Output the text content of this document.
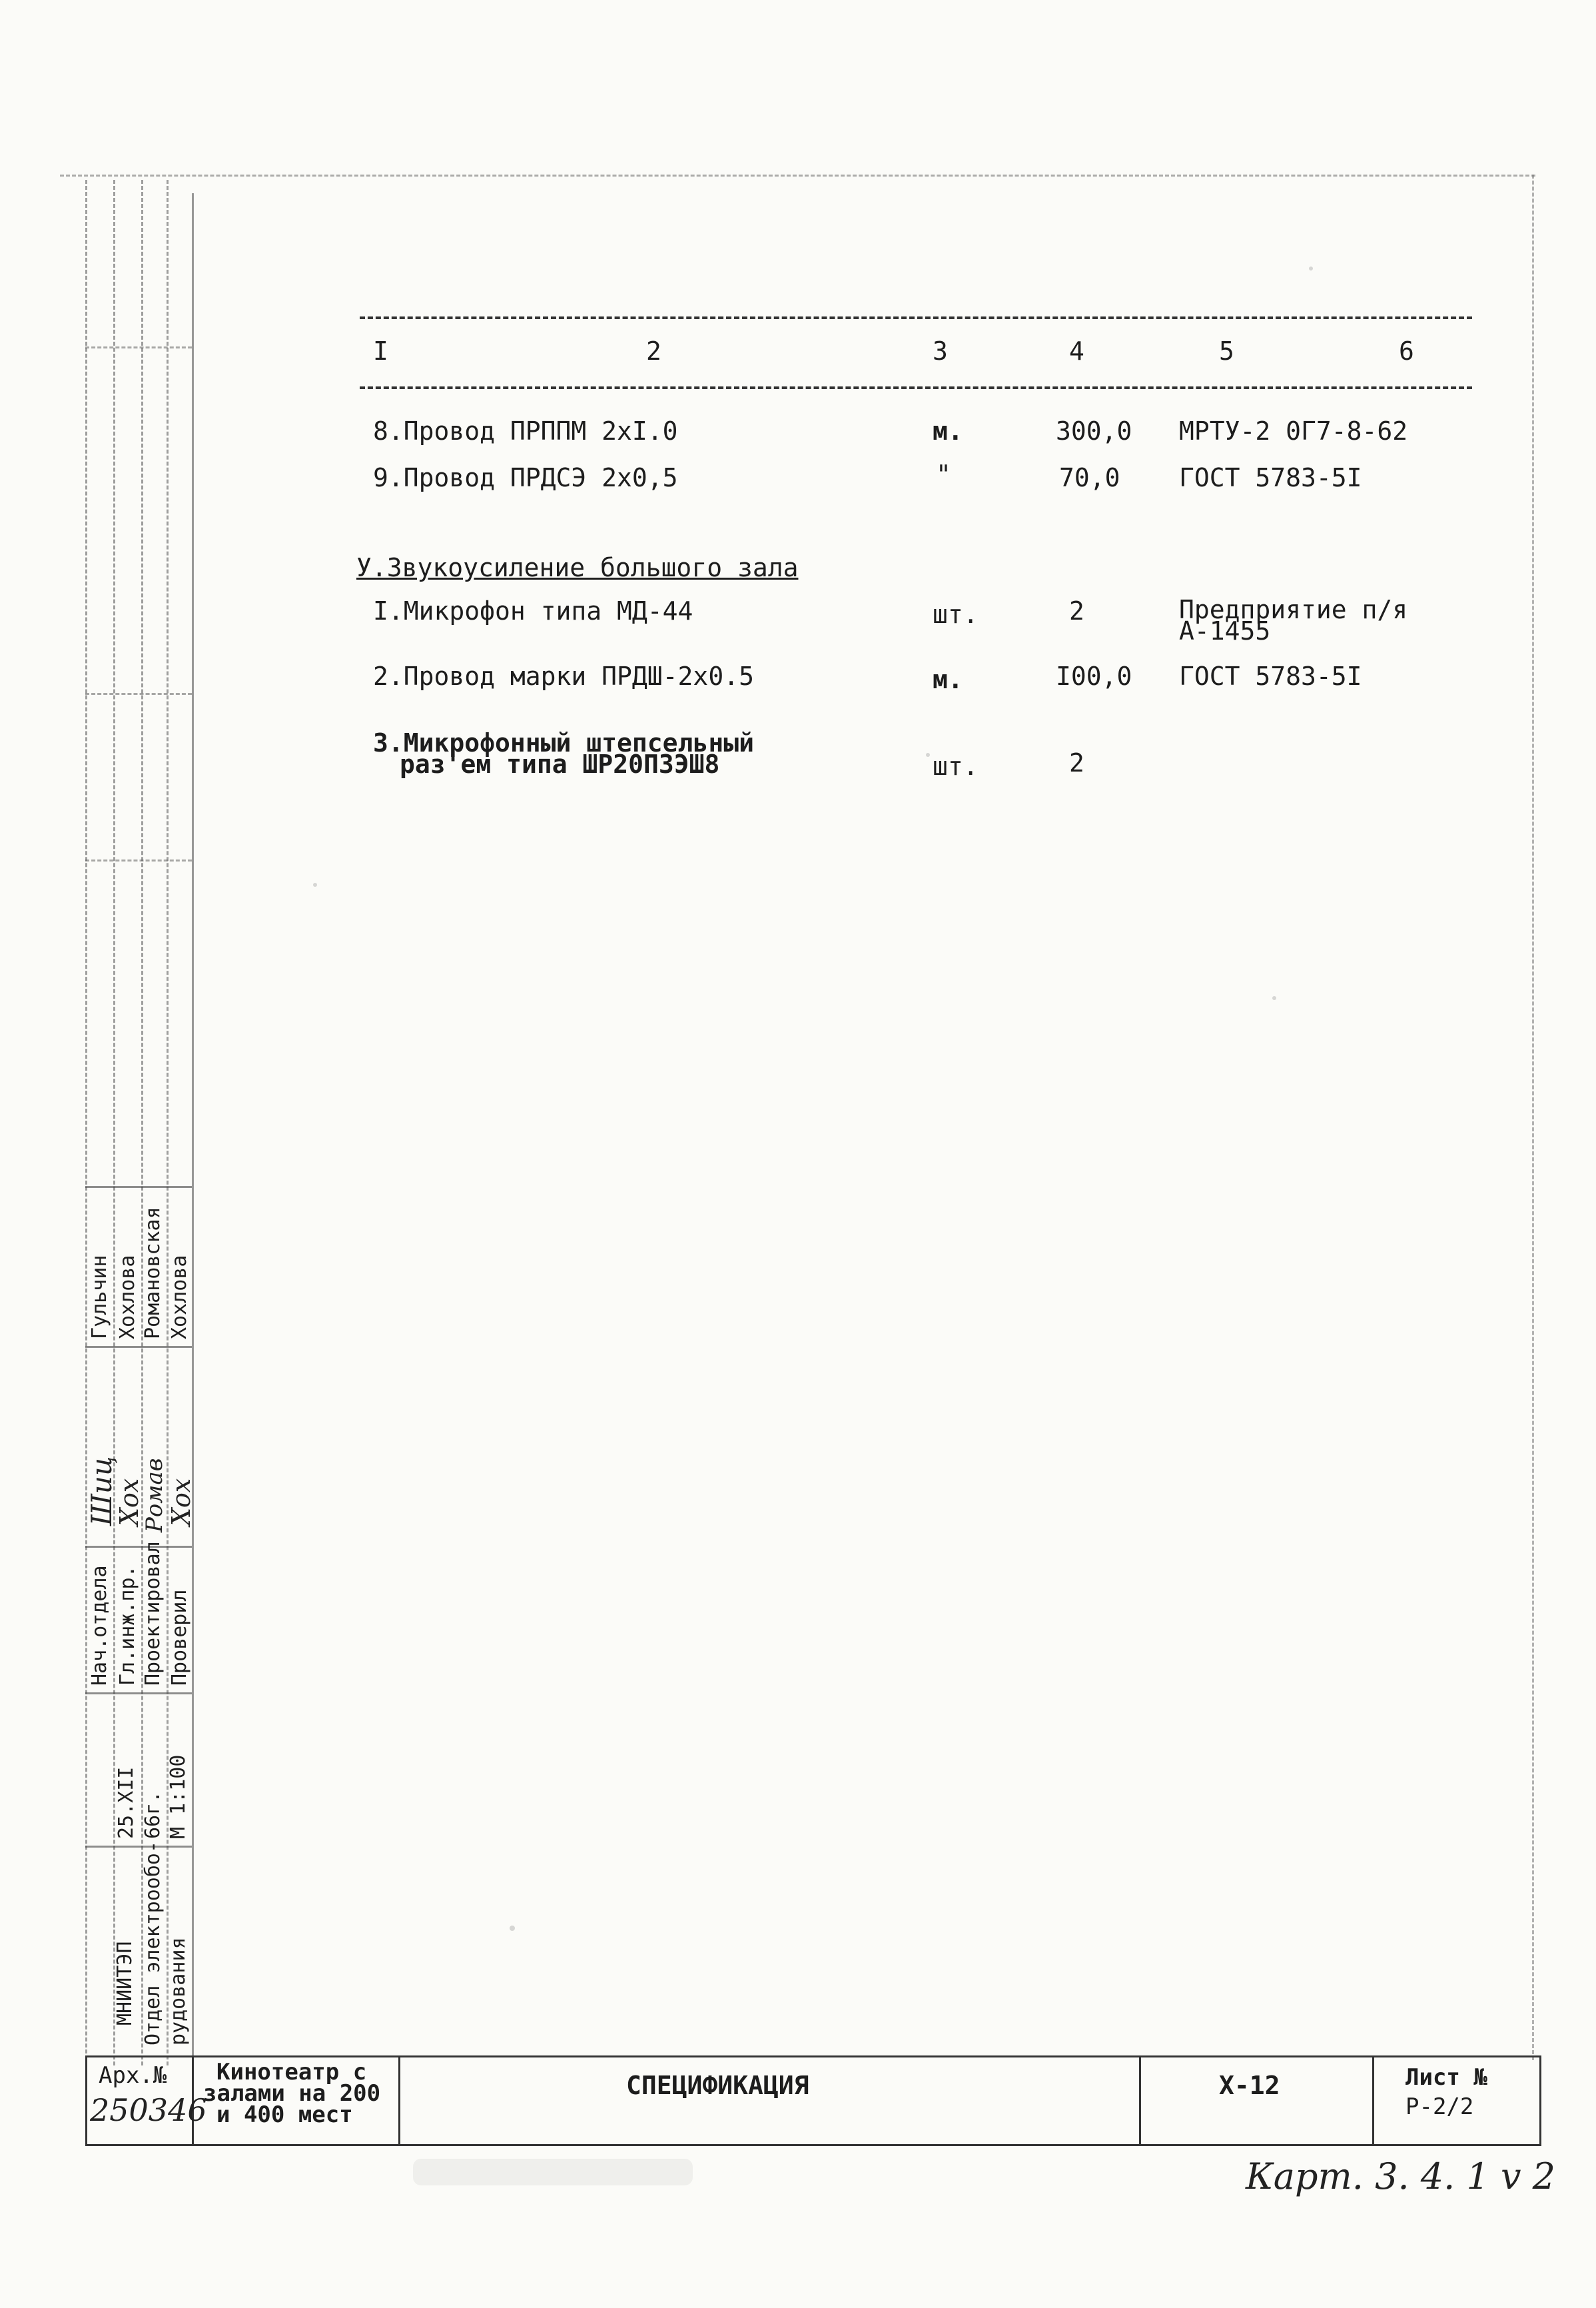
Гульчин Хохлова Романовская Хохлова
Шиц
Хох
Ромав
Хох
Нач.отдела Гл.инж.пр. Проектировал Проверил
25.XII 66г. М 1:100
МНИИТЭП Отдел электрообо- рудования
I	2	3	4	5	6
8.Провод ПРППМ 2xI.0	м.	300,0 МРТУ-2 0Г7-8-62
9.Провод ПРДСЭ 2x0,5	"	70,0 ГОСТ 5783-5I
У.Звукоусиление большого зала
I.Микрофон типа МД-44	шт.	2	Предприятие п/я
А-1455
2.Провод марки ПРДШ-2x0.5	м.	I00,0 ГОСТ 5783-5I
3.Микрофонный штепсельный
раз'ем типа ШР20П3ЭШ8	шт.	2
Арх.№
250346
Кинотеатр с
залами на 200
и 400 мест
СПЕЦИФИКАЦИЯ	Х-12	Лист №
Р-2/2
Карт. 3. 4. 1 v 2
